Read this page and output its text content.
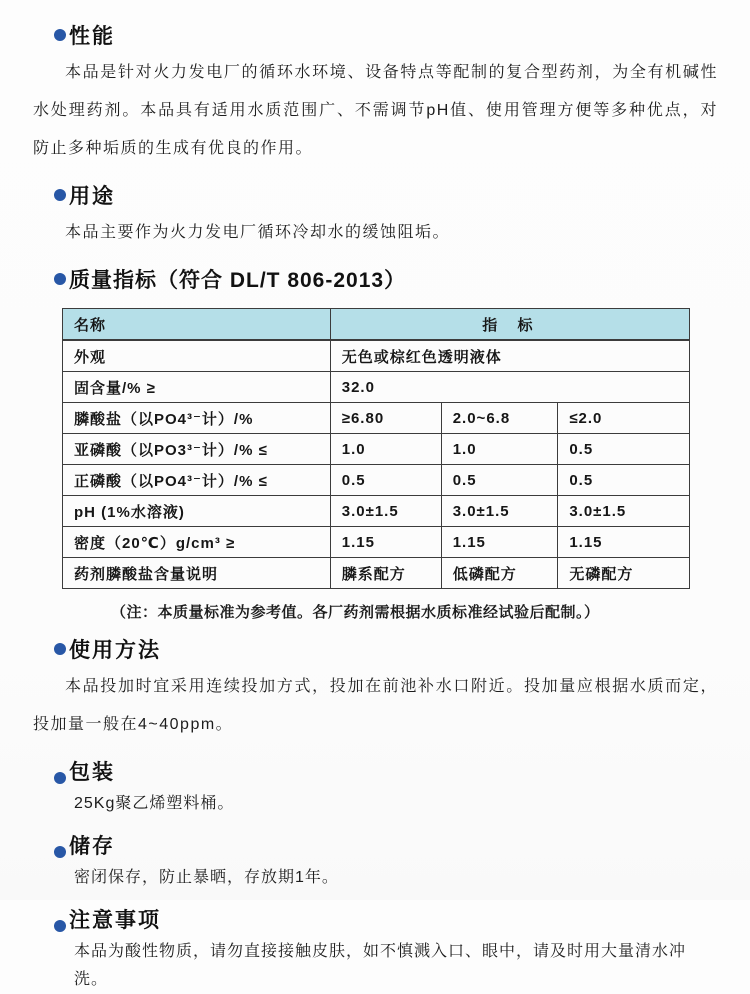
性能

本品是针对火力发电厂的循环水环境、设备特点等配制的复合型药剂，为全有机碱性水处理药剂。本品具有适用水质范围广、不需调节pH值、使用管理方便等多种优点，对防止多种垢质的生成有优良的作用。

用途

本品主要作为火力发电厂循环冷却水的缓蚀阻垢。

质量指标（符合 DL/T 806-2013）
名称	指 标		
外观	无色或棕红色透明液体		
固含量/% ≥	32.0		
膦酸盐（以PO4³⁻计）/%	≥6.80	2.0~6.8	≤2.0
亚磷酸（以PO3³⁻计）/% ≤	1.0	1.0	0.5
正磷酸（以PO4³⁻计）/% ≤	0.5	0.5	0.5
pH (1%水溶液)	3.0±1.5	3.0±1.5	3.0±1.5
密度（20℃）g/cm³ ≥	1.15	1.15	1.15
药剂膦酸盐含量说明	膦系配方	低磷配方	无磷配方

（注：本质量标准为参考值。各厂药剂需根据水质标准经试验后配制。）

使用方法

本品投加时宜采用连续投加方式，投加在前池补水口附近。投加量应根据水质而定，投加量一般在4~40ppm。

包装

25Kg聚乙烯塑料桶。

储存

密闭保存，防止暴晒，存放期1年。

注意事项

本品为酸性物质，请勿直接接触皮肤，如不慎溅入口、眼中，请及时用大量清水冲洗。
